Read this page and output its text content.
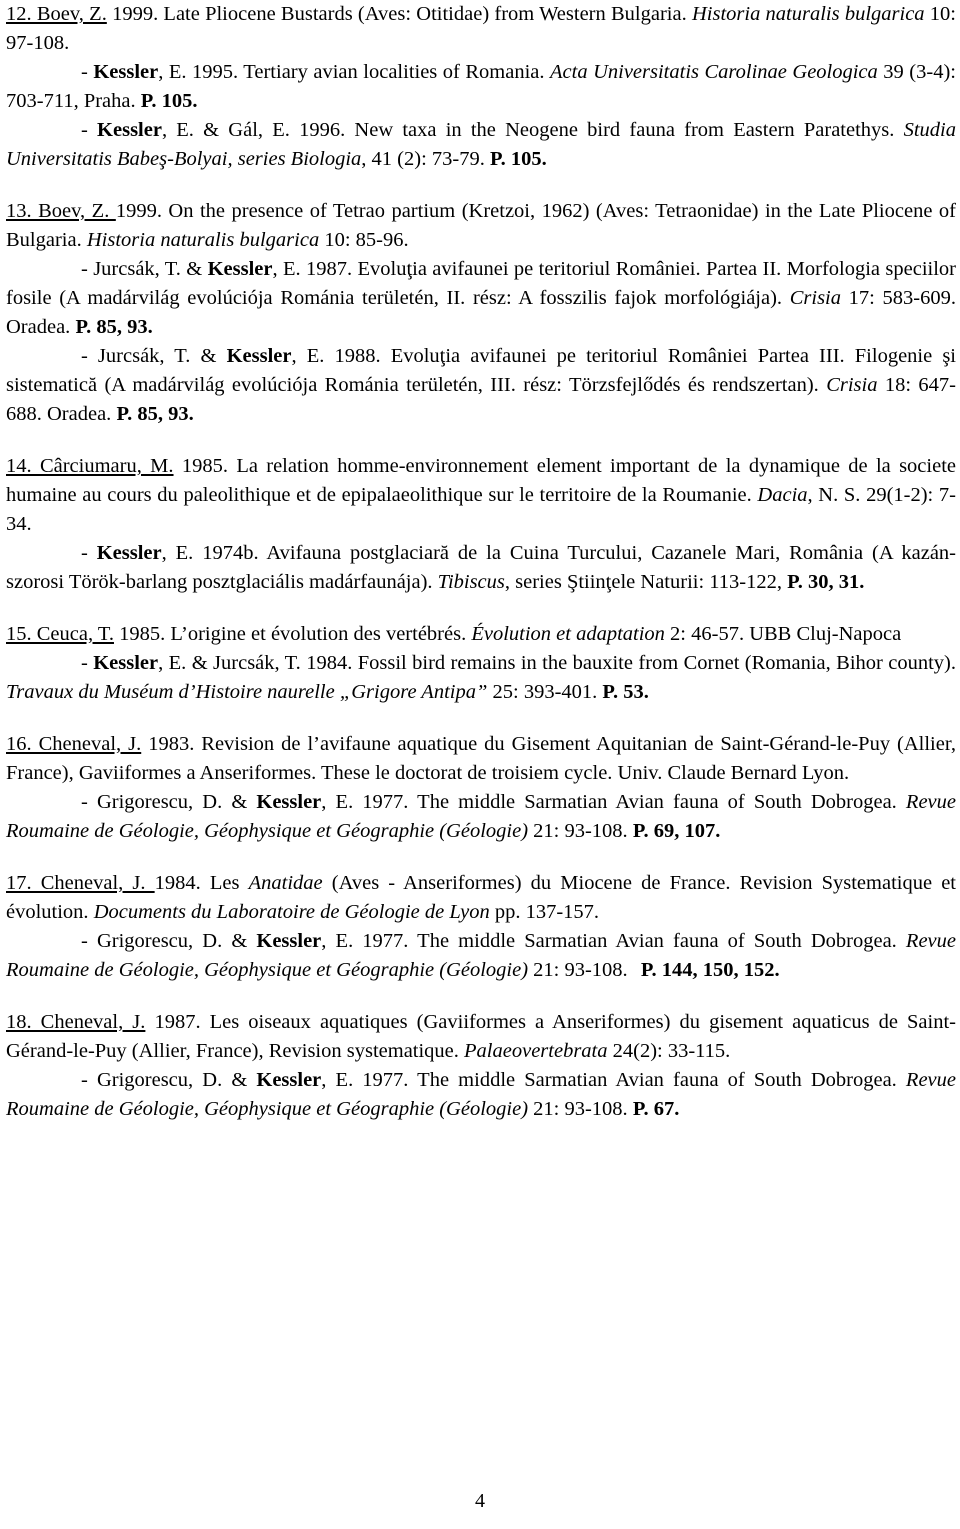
12. Boev, Z. 1999. Late Pliocene Bustards (Aves: Otitidae) from Western Bulgaria. Historia naturalis bulgarica 10: 97-108.

- Kessler, E. 1995. Tertiary avian localities of Romania. Acta Universitatis Carolinae Geologica 39 (3-4): 703-711, Praha. P. 105.

- Kessler, E. & Gál, E. 1996. New taxa in the Neogene bird fauna from Eastern Paratethys. Studia Universitatis Babeş-Bolyai, series Biologia, 41 (2): 73-79. P. 105.

13. Boev, Z. 1999. On the presence of Tetrao partium (Kretzoi, 1962) (Aves: Tetraonidae) in the Late Pliocene of Bulgaria. Historia naturalis bulgarica 10: 85-96.

- Jurcsák, T. & Kessler, E. 1987. Evoluţia avifaunei pe teritoriul României. Partea II. Morfologia speciilor fosile (A madárvilág evolúciója Románia területén, II. rész: A fosszilis fajok morfológiája). Crisia 17: 583-609. Oradea. P. 85, 93.

- Jurcsák, T. & Kessler, E. 1988. Evoluţia avifaunei pe teritoriul României Partea III. Filogenie şi sistematică (A madárvilág evolúciója Románia területén, III. rész: Törzsfejlődés és rendszertan). Crisia 18: 647-688. Oradea. P. 85, 93.

14. Cârciumaru, M. 1985. La relation homme-environnement element important de la dynamique de la societe humaine au cours du paleolithique et de epipalaeolithique sur le territoire de la Roumanie. Dacia, N. S. 29(1-2): 7-34.

- Kessler, E. 1974b. Avifauna postglaciară de la Cuina Turcului, Cazanele Mari, România (A kazán-szorosi Török-barlang posztglaciális madárfaunája). Tibiscus, series Ştiinţele Naturii: 113-122, P. 30, 31.

15. Ceuca, T. 1985. L’origine et évolution des vertébrés. Évolution et adaptation 2: 46-57. UBB Cluj-Napoca

- Kessler, E. & Jurcsák, T. 1984. Fossil bird remains in the bauxite from Cornet (Romania, Bihor county). Travaux du Muséum d’Histoire naurelle „Grigore Antipa” 25: 393-401. P. 53.

16. Cheneval, J. 1983. Revision de l’avifaune aquatique du Gisement Aquitanian de Saint-Gérand-le-Puy (Allier, France), Gaviiformes a Anseriformes. These le doctorat de troisiem cycle. Univ. Claude Bernard Lyon.

- Grigorescu, D. & Kessler, E. 1977. The middle Sarmatian Avian fauna of South Dobrogea. Revue Roumaine de Géologie, Géophysique et Géographie (Géologie) 21: 93-108. P. 69, 107.

17. Cheneval, J. 1984. Les Anatidae (Aves - Anseriformes) du Miocene de France. Revision Systematique et évolution. Documents du Laboratoire de Géologie de Lyon pp. 137-157.

- Grigorescu, D. & Kessler, E. 1977. The middle Sarmatian Avian fauna of South Dobrogea. Revue Roumaine de Géologie, Géophysique et Géographie (Géologie) 21: 93-108. P. 144, 150, 152.

18. Cheneval, J. 1987. Les oiseaux aquatiques (Gaviiformes a Anseriformes) du gisement aquaticus de Saint-Gérand-le-Puy (Allier, France), Revision systematique. Palaeovertebrata 24(2): 33-115.

- Grigorescu, D. & Kessler, E. 1977. The middle Sarmatian Avian fauna of South Dobrogea. Revue Roumaine de Géologie, Géophysique et Géographie (Géologie) 21: 93-108. P. 67.

4
